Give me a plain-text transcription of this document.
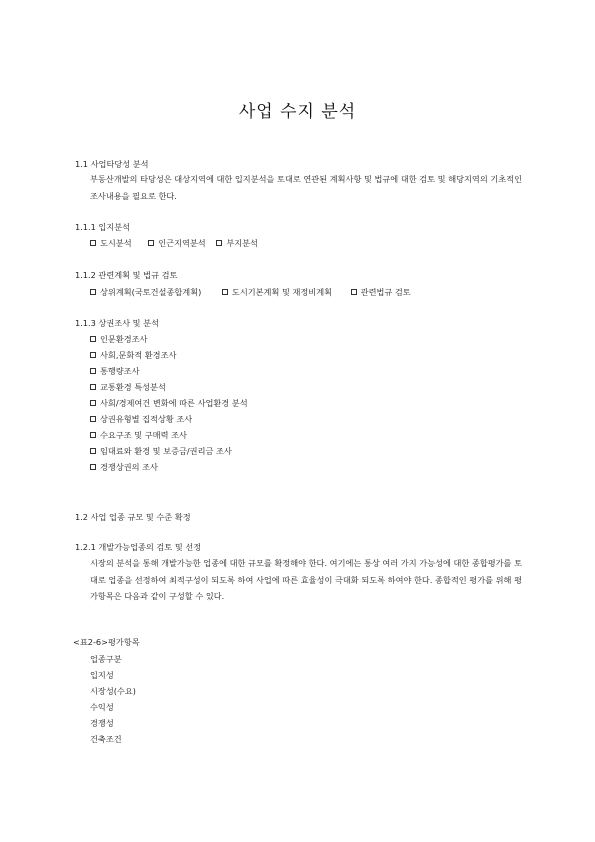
사업 수지 분석
1.1 사업타당성 분석
부동산개발의 타당성은 대상지역에 대한 입지분석을 토대로 연관된 계획사항 및 법규에 대한 검토 및 해당지역의 기초적인 조사내용을 필요로 한다.
1.1.1 입지분석
도시분석	인근지역분석	부지분석
1.1.2 관련계획 및 법규 검토
상위계획(국토건설종합계획)	도시기본계획 및 재정비계획	관련법규 검토
1.1.3 상권조사 및 분석
인문환경조사
사회,문화적 환경조사
통행량조사
교통환경 특성분석
사회/경제여건 변화에 따른 사업환경 분석
상권유형별 집적상황 조사
수요구조 및 구매력 조사
임대료와 환경 및 보증금/권리금 조사
경쟁상권의 조사
1.2 사업 업종 규모 및 수준 확정
1.2.1 개발가능업종의 검토 및 선정
시장의 분석을 통해 개발가능한 업종에 대한 규모를 확정해야 한다. 여기에는 통상 여러 가지 가능성에 대한 종합평가를 토대로 업종을 선정하여 최적구성이 되도록 하여 사업에 따른 효율성이 극대화 되도록 하여야 한다. 종합적인 평가를 위해 평가항목은 다음과 같이 구성할 수 있다.
<표2-6>평가항목
업종구분
입지성
시장성(수요)
수익성
경쟁성
건축조건
